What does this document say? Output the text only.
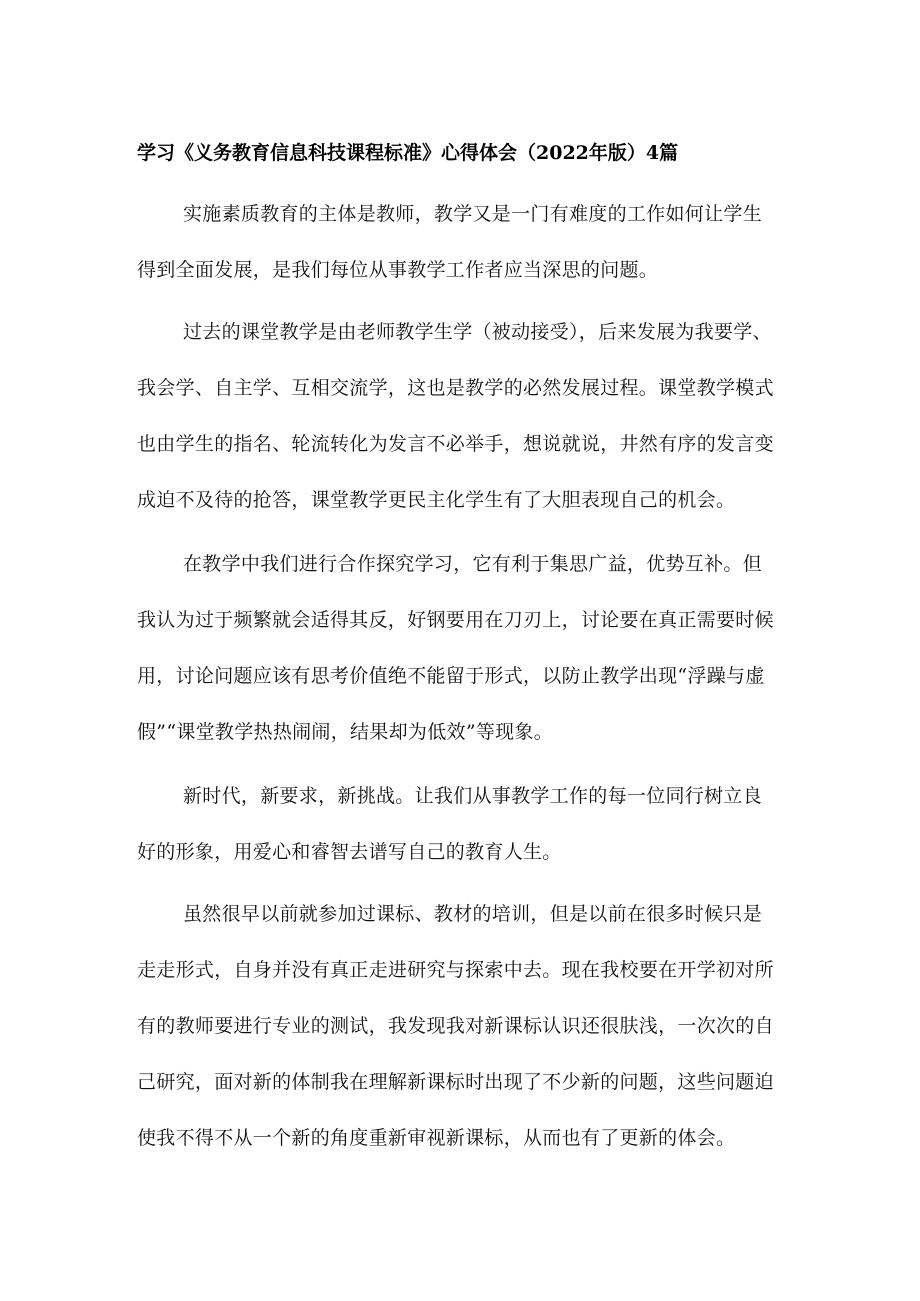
学习《义务教育信息科技课程标准》心得体会（2022年版）4篇
实施素质教育的主体是教师，教学又是一门有难度的工作如何让学生
得到全面发展，是我们每位从事教学工作者应当深思的问题。
过去的课堂教学是由老师教学生学（被动接受），后来发展为我要学、
我会学、自主学、互相交流学，这也是教学的必然发展过程。课堂教学模式
也由学生的指名、轮流转化为发言不必举手，想说就说，井然有序的发言变
成迫不及待的抢答，课堂教学更民主化学生有了大胆表现自己的机会。
在教学中我们进行合作探究学习，它有利于集思广益，优势互补。但
我认为过于频繁就会适得其反，好钢要用在刀刃上，讨论要在真正需要时候
用，讨论问题应该有思考价值绝不能留于形式，以防止教学出现“浮躁与虚
假”“课堂教学热热闹闹，结果却为低效”等现象。
新时代，新要求，新挑战。让我们从事教学工作的每一位同行树立良
好的形象，用爱心和睿智去谱写自己的教育人生。
虽然很早以前就参加过课标、教材的培训，但是以前在很多时候只是
走走形式，自身并没有真正走进研究与探索中去。现在我校要在开学初对所
有的教师要进行专业的测试，我发现我对新课标认识还很肤浅，一次次的自
己研究，面对新的体制我在理解新课标时出现了不少新的问题，这些问题迫
使我不得不从一个新的角度重新审视新课标，从而也有了更新的体会。
